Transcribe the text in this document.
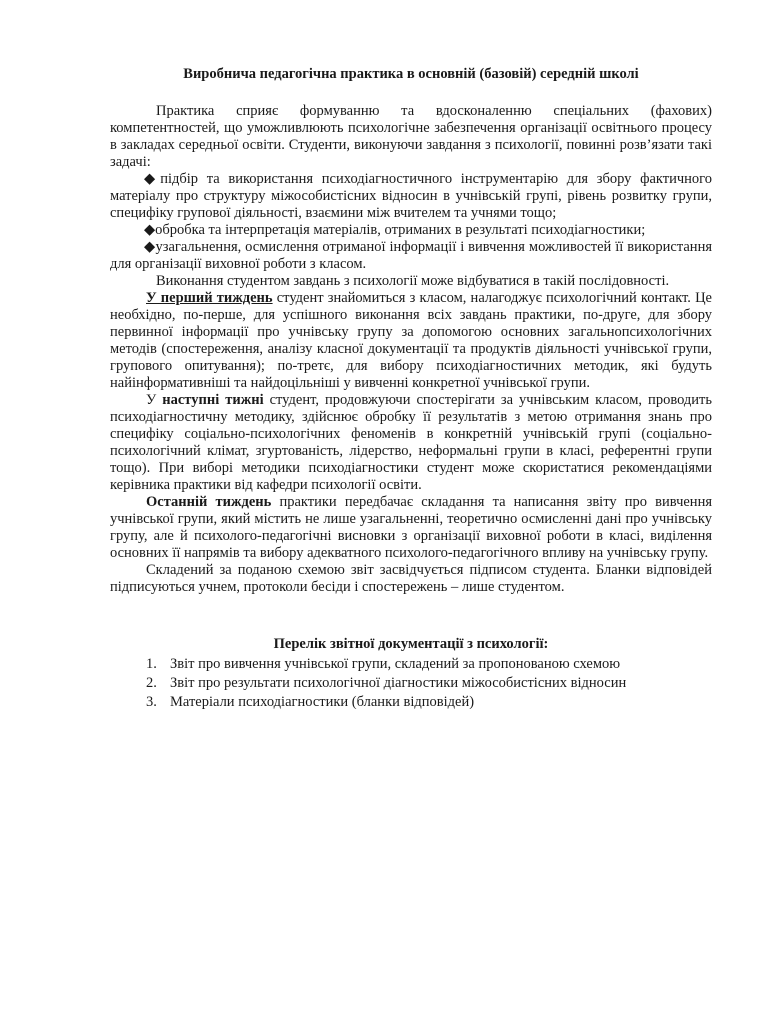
Виробнича педагогічна практика в основній (базовій) середній школі

Практика сприяє формуванню та вдосконаленню спеціальних (фахових) компетентностей, що уможливлюють психологічне забезпечення організації освітнього процесу в закладах середньої освіти. Студенти, виконуючи завдання з психології, повинні розв’язати такі задачі:

◆підбір та використання психодіагностичного інструментарію для збору фактичного матеріалу про структуру міжособистісних відносин в учнівській групі, рівень розвитку групи, специфіку групової діяльності, взаємини між вчителем та учнями тощо;

◆обробка та інтерпретація матеріалів, отриманих в результаті психодіагностики;

◆узагальнення, осмислення отриманої інформації і вивчення можливостей її використання для організації виховної роботи з класом.

Виконання студентом завдань з психології може відбуватися в такій послідовності.

У перший тиждень студент знайомиться з класом, налагоджує психологічний контакт. Це необхідно, по-перше, для успішного виконання всіх завдань практики, по-друге, для збору первинної інформації про учнівську групу за допомогою основних загальнопсихологічних методів (спостереження, аналізу класної документації та продуктів діяльності учнівської групи, групового опитування); по-третє, для вибору психодіагностичних методик, які будуть найінформативніші та найдоцільніші у вивченні конкретної учнівської групи.

У наступні тижні студент, продовжуючи спостерігати за учнівським класом, проводить психодіагностичну методику, здійснює обробку її результатів з метою отримання знань про специфіку соціально-психологічних феноменів в конкретній учнівській групі (соціально-психологічний клімат, згуртованість, лідерство, неформальні групи в класі, референтні групи тощо). При виборі методики психодіагностики студент може скористатися рекомендаціями керівника практики від кафедри психології освіти.

Останній тиждень практики передбачає складання та написання звіту про вивчення учнівської групи, який містить не лише узагальненні, теоретично осмисленні дані про учнівську групу, але й психолого-педагогічні висновки з організації виховної роботи в класі, виділення основних її напрямів та вибору адекватного психолого-педагогічного впливу на учнівську групу.

Складений за поданою схемою звіт засвідчується підписом студента. Бланки відповідей підписуються учнем, протоколи бесіди і спостережень – лише студентом.

Перелік звітної документації з психології:
1. Звіт про вивчення учнівської групи, складений за пропонованою схемою
2. Звіт про результати психологічної діагностики міжособистісних відносин
3. Матеріали психодіагностики (бланки відповідей)
